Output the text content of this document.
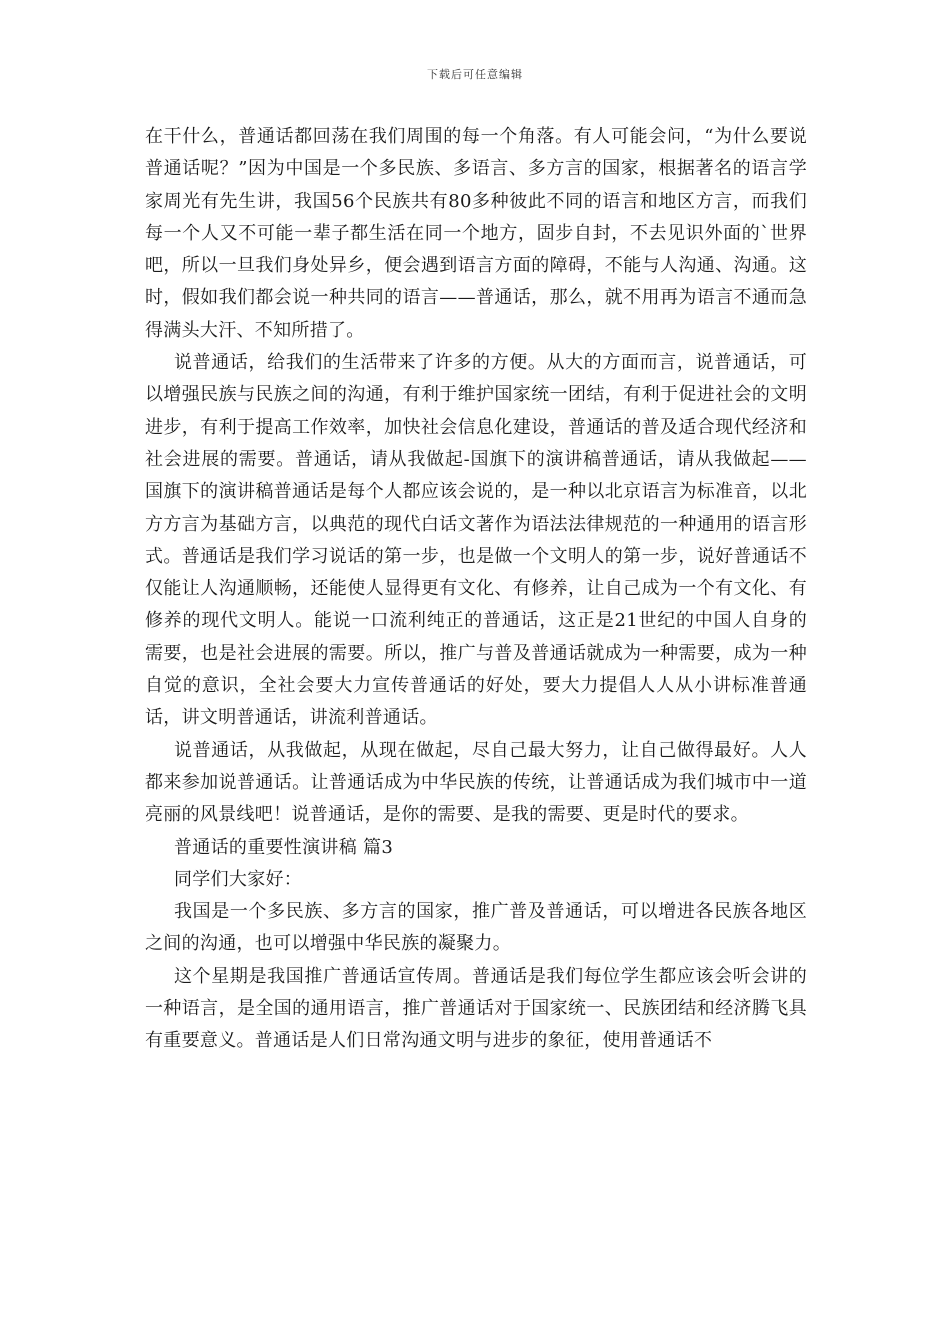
下载后可任意编辑

在干什么，普通话都回荡在我们周围的每一个角落。有人可能会问，“为什么要说普通话呢？”因为中国是一个多民族、多语言、多方言的国家，根据著名的语言学家周光有先生讲，我国56个民族共有80多种彼此不同的语言和地区方言，而我们每一个人又不可能一辈子都生活在同一个地方，固步自封，不去见识外面的`世界吧，所以一旦我们身处异乡，便会遇到语言方面的障碍，不能与人沟通、沟通。这时，假如我们都会说一种共同的语言——普通话，那么，就不用再为语言不通而急得满头大汗、不知所措了。

说普通话，给我们的生活带来了许多的方便。从大的方面而言，说普通话，可以增强民族与民族之间的沟通，有利于维护国家统一团结，有利于促进社会的文明进步，有利于提高工作效率，加快社会信息化建设，普通话的普及适合现代经济和社会进展的需要。普通话，请从我做起-国旗下的演讲稿普通话，请从我做起——国旗下的演讲稿普通话是每个人都应该会说的，是一种以北京语言为标准音，以北方方言为基础方言，以典范的现代白话文著作为语法法律规范的一种通用的语言形式。普通话是我们学习说话的第一步，也是做一个文明人的第一步，说好普通话不仅能让人沟通顺畅，还能使人显得更有文化、有修养，让自己成为一个有文化、有修养的现代文明人。能说一口流利纯正的普通话，这正是21世纪的中国人自身的需要，也是社会进展的需要。所以，推广与普及普通话就成为一种需要，成为一种自觉的意识，全社会要大力宣传普通话的好处，要大力提倡人人从小讲标准普通话，讲文明普通话，讲流利普通话。

说普通话，从我做起，从现在做起，尽自己最大努力，让自己做得最好。人人都来参加说普通话。让普通话成为中华民族的传统，让普通话成为我们城市中一道亮丽的风景线吧！说普通话，是你的需要、是我的需要、更是时代的要求。

普通话的重要性演讲稿 篇3

同学们大家好：

我国是一个多民族、多方言的国家，推广普及普通话，可以增进各民族各地区之间的沟通，也可以增强中华民族的凝聚力。

这个星期是我国推广普通话宣传周。普通话是我们每位学生都应该会听会讲的一种语言，是全国的通用语言，推广普通话对于国家统一、民族团结和经济腾飞具有重要意义。普通话是人们日常沟通文明与进步的象征，使用普通话不
